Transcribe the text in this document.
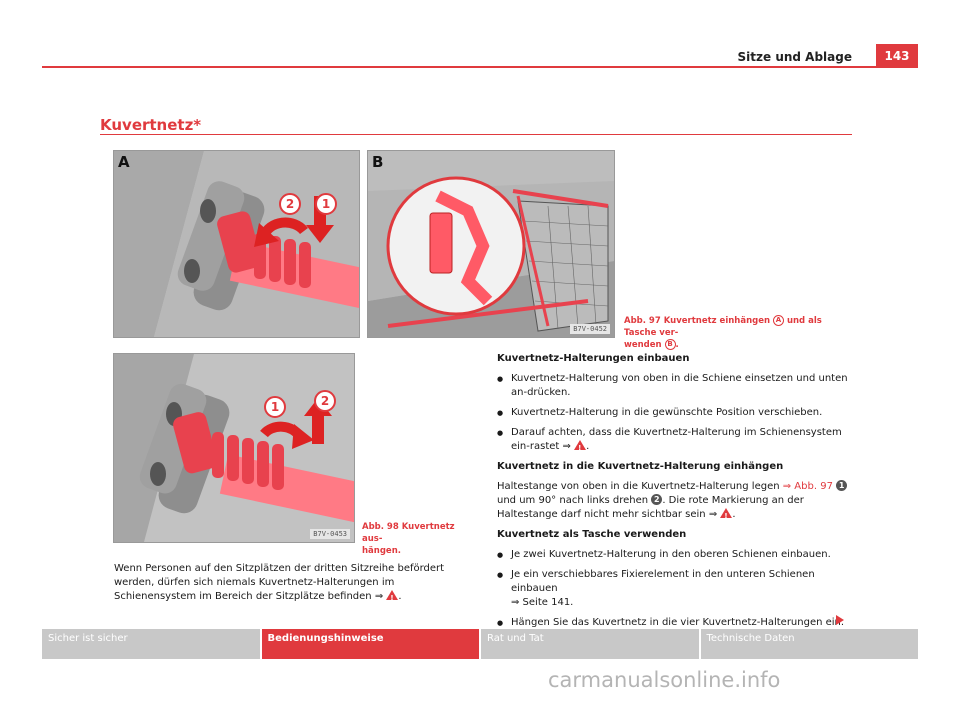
Sitze und Ablage	143
Kuvertnetz*
A
2	1
B
B7V-0452
Abb. 97 Kuvertnetz einhängen A und als Tasche ver-
wenden B .
1	2
B7V-0453
Abb. 98 Kuvertnetz aus-
hängen.
Wenn Personen auf den Sitzplätzen der dritten Sitzreihe befördert werden, dürfen sich niemals Kuvertnetz-Halterungen im Schienensystem im Bereich der Sitzplätze befinden ⇒ ! .
Kuvertnetz-Halterungen einbauen
● Kuvertnetz-Halterung von oben in die Schiene einsetzen und unten an-drücken.
● Kuvertnetz-Halterung in die gewünschte Position verschieben.
● Darauf achten, dass die Kuvertnetz-Halterung im Schienensystem ein-rastet ⇒ ! .
Kuvertnetz in die Kuvertnetz-Halterung einhängen

Haltestange von oben in die Kuvertnetz-Halterung legen ⇒ Abb. 97 1 und um 90° nach links drehen 2 . Die rote Markierung an der Haltestange darf nicht mehr sichtbar sein ⇒ ! .

Kuvertnetz als Tasche verwenden
● Je zwei Kuvertnetz-Halterung in den oberen Schienen einbauen.
● Je ein verschiebbares Fixierelement in den unteren Schienen einbauen
⇒ Seite 141.
● Hängen Sie das Kuvertnetz in die vier Kuvertnetz-Halterungen ein.
Sicher ist sicher	Bedienungshinweise	Rat und Tat	Technische Daten
carmanualsonline.info
